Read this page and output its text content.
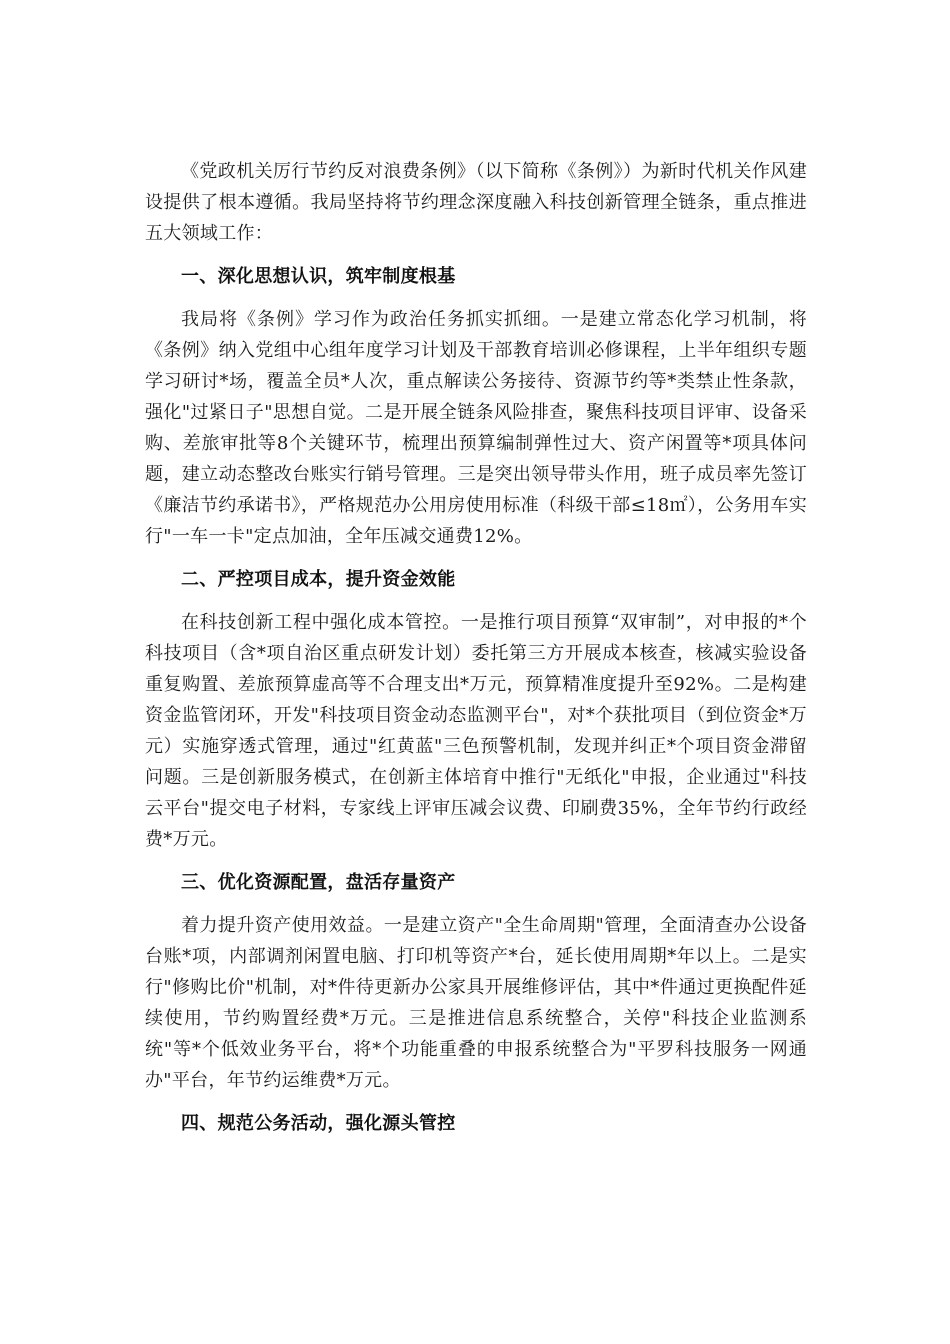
《党政机关厉行节约反对浪费条例》（以下简称《条例》）为新时代机关作风建设提供了根本遵循。我局坚持将节约理念深度融入科技创新管理全链条，重点推进五大领域工作：

一、深化思想认识，筑牢制度根基

我局将《条例》学习作为政治任务抓实抓细。一是建立常态化学习机制，将《条例》纳入党组中心组年度学习计划及干部教育培训必修课程，上半年组织专题学习研讨*场，覆盖全员*人次，重点解读公务接待、资源节约等*类禁止性条款，强化"过紧日子"思想自觉。二是开展全链条风险排查，聚焦科技项目评审、设备采购、差旅审批等8个关键环节，梳理出预算编制弹性过大、资产闲置等*项具体问题，建立动态整改台账实行销号管理。三是突出领导带头作用，班子成员率先签订《廉洁节约承诺书》，严格规范办公用房使用标准（科级干部≤18㎡），公务用车实行"一车一卡"定点加油，全年压减交通费12%。

二、严控项目成本，提升资金效能

在科技创新工程中强化成本管控。一是推行项目预算“双审制”，对申报的*个科技项目（含*项自治区重点研发计划）委托第三方开展成本核查，核减实验设备重复购置、差旅预算虚高等不合理支出*万元，预算精准度提升至92%。二是构建资金监管闭环，开发"科技项目资金动态监测平台"，对*个获批项目（到位资金*万元）实施穿透式管理，通过"红黄蓝"三色预警机制，发现并纠正*个项目资金滞留问题。三是创新服务模式，在创新主体培育中推行"无纸化"申报，企业通过"科技云平台"提交电子材料，专家线上评审压减会议费、印刷费35%，全年节约行政经费*万元。

三、优化资源配置，盘活存量资产

着力提升资产使用效益。一是建立资产"全生命周期"管理，全面清查办公设备台账*项，内部调剂闲置电脑、打印机等资产*台，延长使用周期*年以上。二是实行"修购比价"机制，对*件待更新办公家具开展维修评估，其中*件通过更换配件延续使用，节约购置经费*万元。三是推进信息系统整合，关停"科技企业监测系统"等*个低效业务平台，将*个功能重叠的申报系统整合为"平罗科技服务一网通办"平台，年节约运维费*万元。

四、规范公务活动，强化源头管控
